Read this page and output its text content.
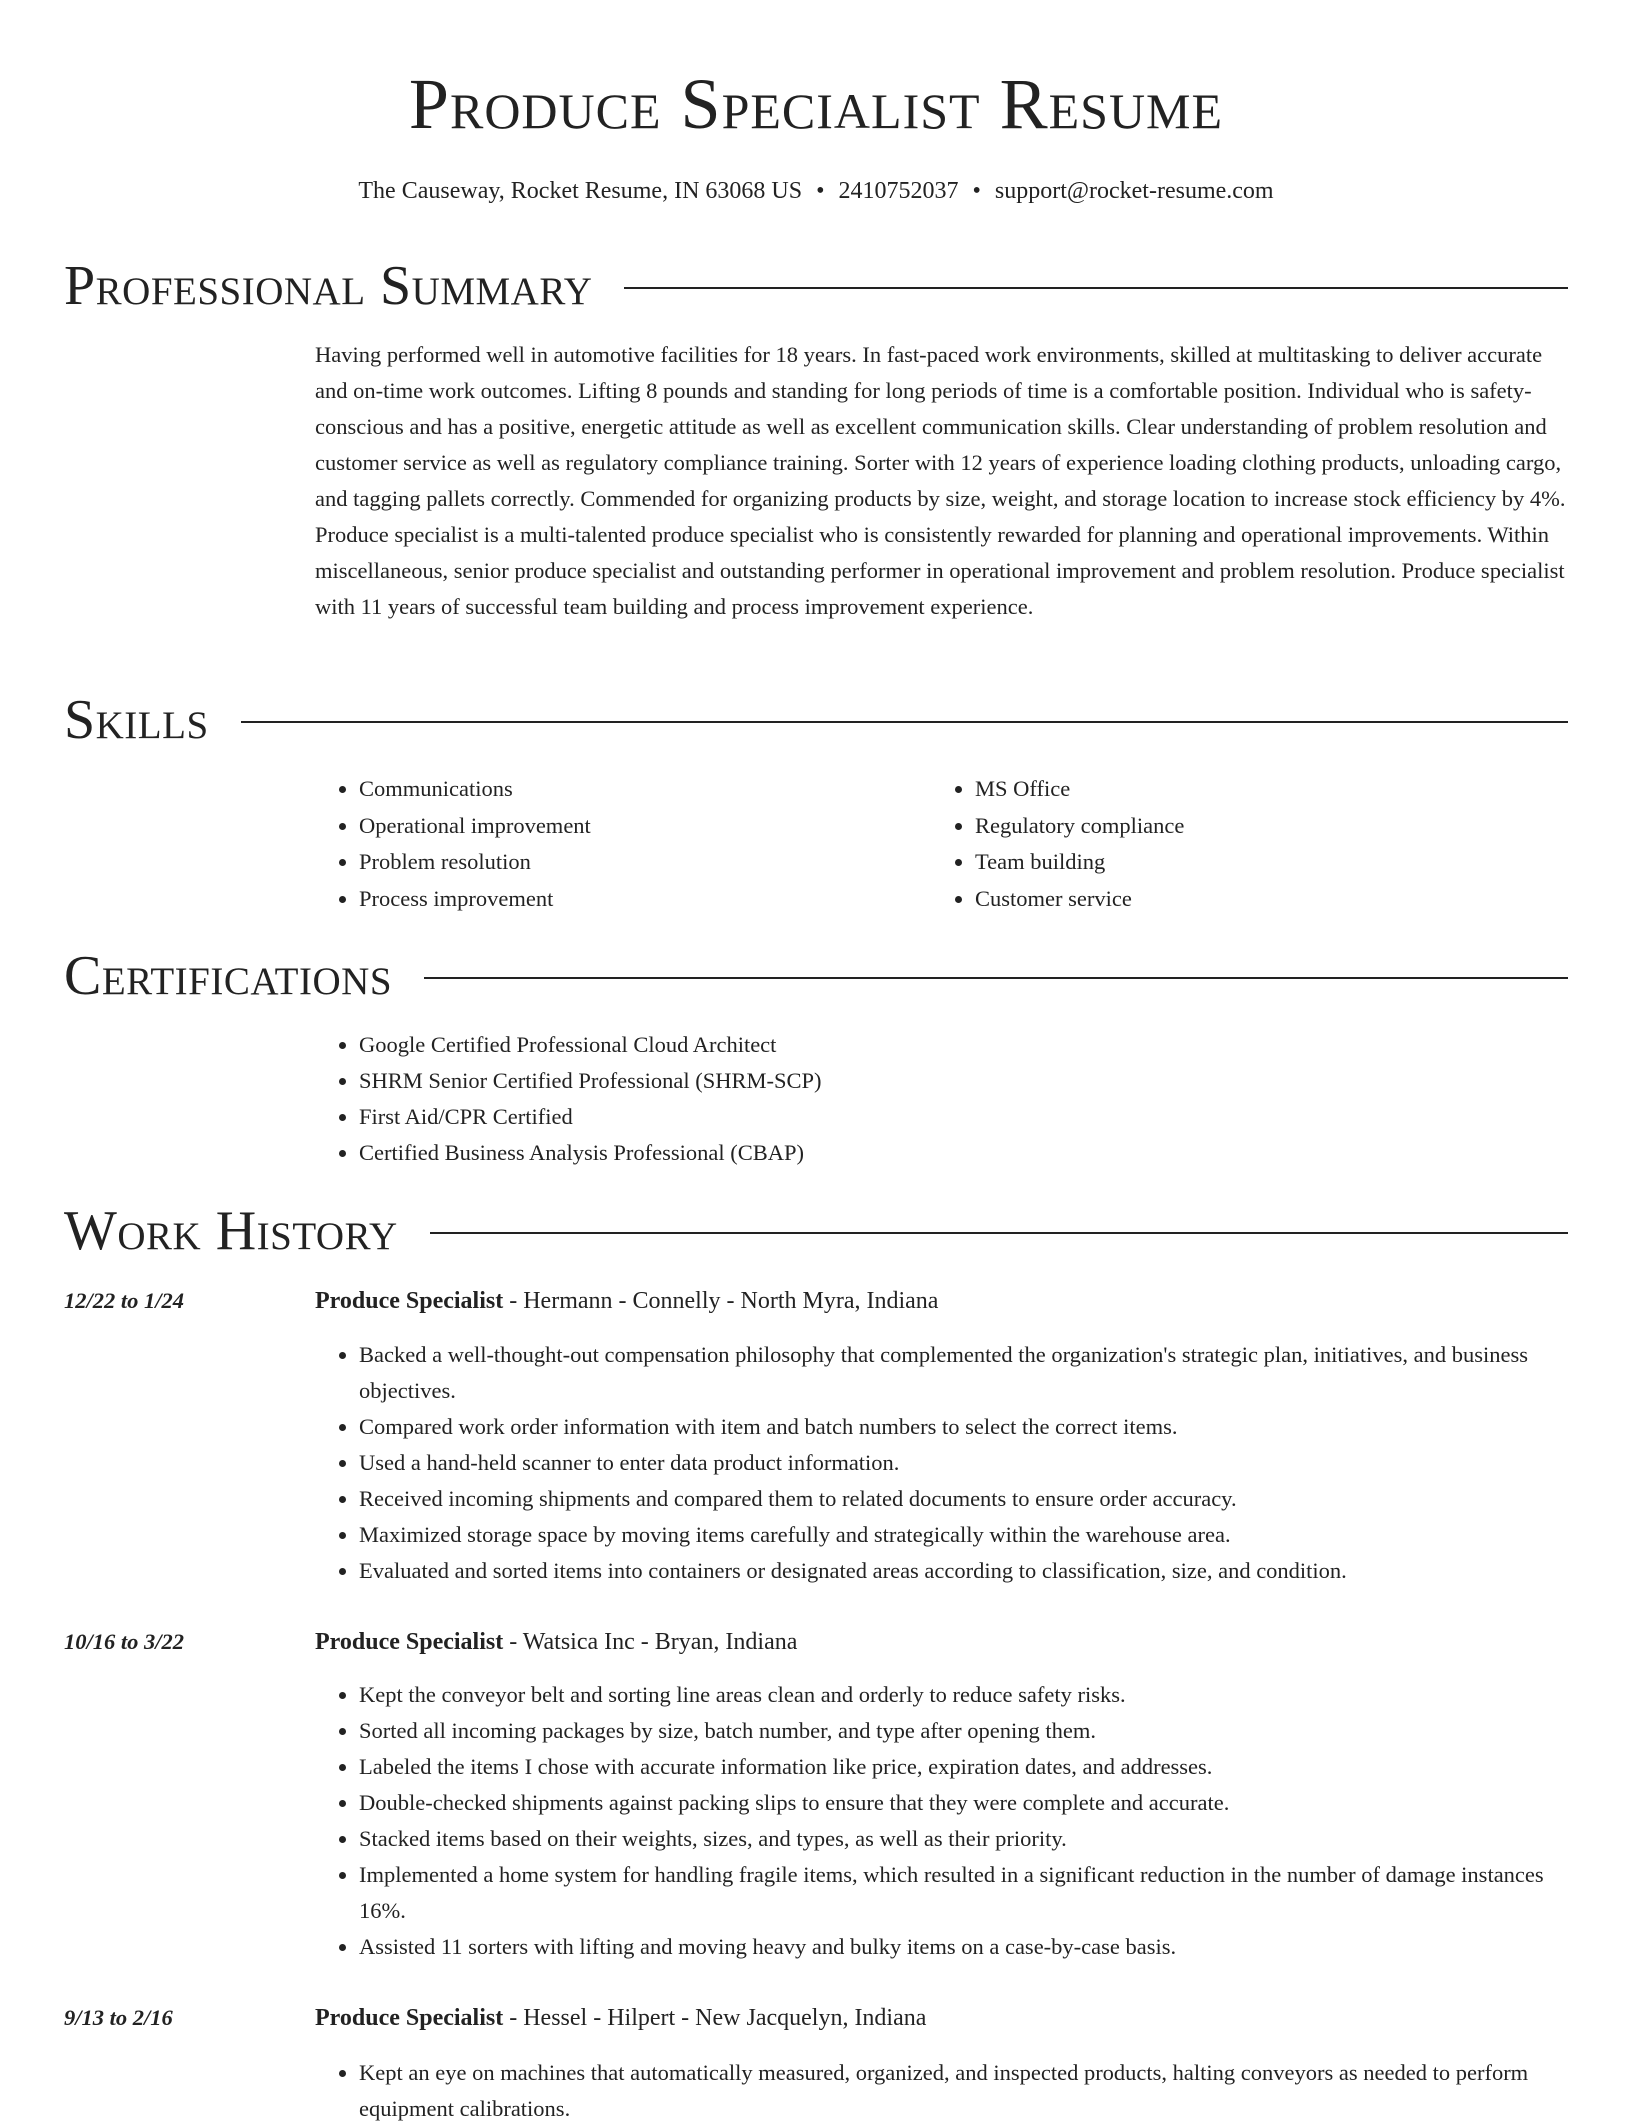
Produce Specialist Resume
The Causeway, Rocket Resume, IN 63068 US • 2410752037 • support@rocket-resume.com
Professional Summary
Having performed well in automotive facilities for 18 years. In fast-paced work environments, skilled at multitasking to deliver accurate and on-time work outcomes. Lifting 8 pounds and standing for long periods of time is a comfortable position. Individual who is safety-conscious and has a positive, energetic attitude as well as excellent communication skills. Clear understanding of problem resolution and customer service as well as regulatory compliance training. Sorter with 12 years of experience loading clothing products, unloading cargo, and tagging pallets correctly. Commended for organizing products by size, weight, and storage location to increase stock efficiency by 4%. Produce specialist is a multi-talented produce specialist who is consistently rewarded for planning and operational improvements. Within miscellaneous, senior produce specialist and outstanding performer in operational improvement and problem resolution. Produce specialist with 11 years of successful team building and process improvement experience.
Skills
• Communications
• Operational improvement
• Problem resolution
• Process improvement
• MS Office
• Regulatory compliance
• Team building
• Customer service
Certifications
• Google Certified Professional Cloud Architect
• SHRM Senior Certified Professional (SHRM-SCP)
• First Aid/CPR Certified
• Certified Business Analysis Professional (CBAP)
Work History
12/22 to 1/24	Produce Specialist - Hermann - Connelly - North Myra, Indiana
• Backed a well-thought-out compensation philosophy that complemented the organization's strategic plan, initiatives, and business objectives.
• Compared work order information with item and batch numbers to select the correct items.
• Used a hand-held scanner to enter data product information.
• Received incoming shipments and compared them to related documents to ensure order accuracy.
• Maximized storage space by moving items carefully and strategically within the warehouse area.
• Evaluated and sorted items into containers or designated areas according to classification, size, and condition.
10/16 to 3/22	Produce Specialist - Watsica Inc - Bryan, Indiana
• Kept the conveyor belt and sorting line areas clean and orderly to reduce safety risks.
• Sorted all incoming packages by size, batch number, and type after opening them.
• Labeled the items I chose with accurate information like price, expiration dates, and addresses.
• Double-checked shipments against packing slips to ensure that they were complete and accurate.
• Stacked items based on their weights, sizes, and types, as well as their priority.
• Implemented a home system for handling fragile items, which resulted in a significant reduction in the number of damage instances 16%.
• Assisted 11 sorters with lifting and moving heavy and bulky items on a case-by-case basis.
9/13 to 2/16	Produce Specialist - Hessel - Hilpert - New Jacquelyn, Indiana
• Kept an eye on machines that automatically measured, organized, and inspected products, halting conveyors as needed to perform equipment calibrations.
